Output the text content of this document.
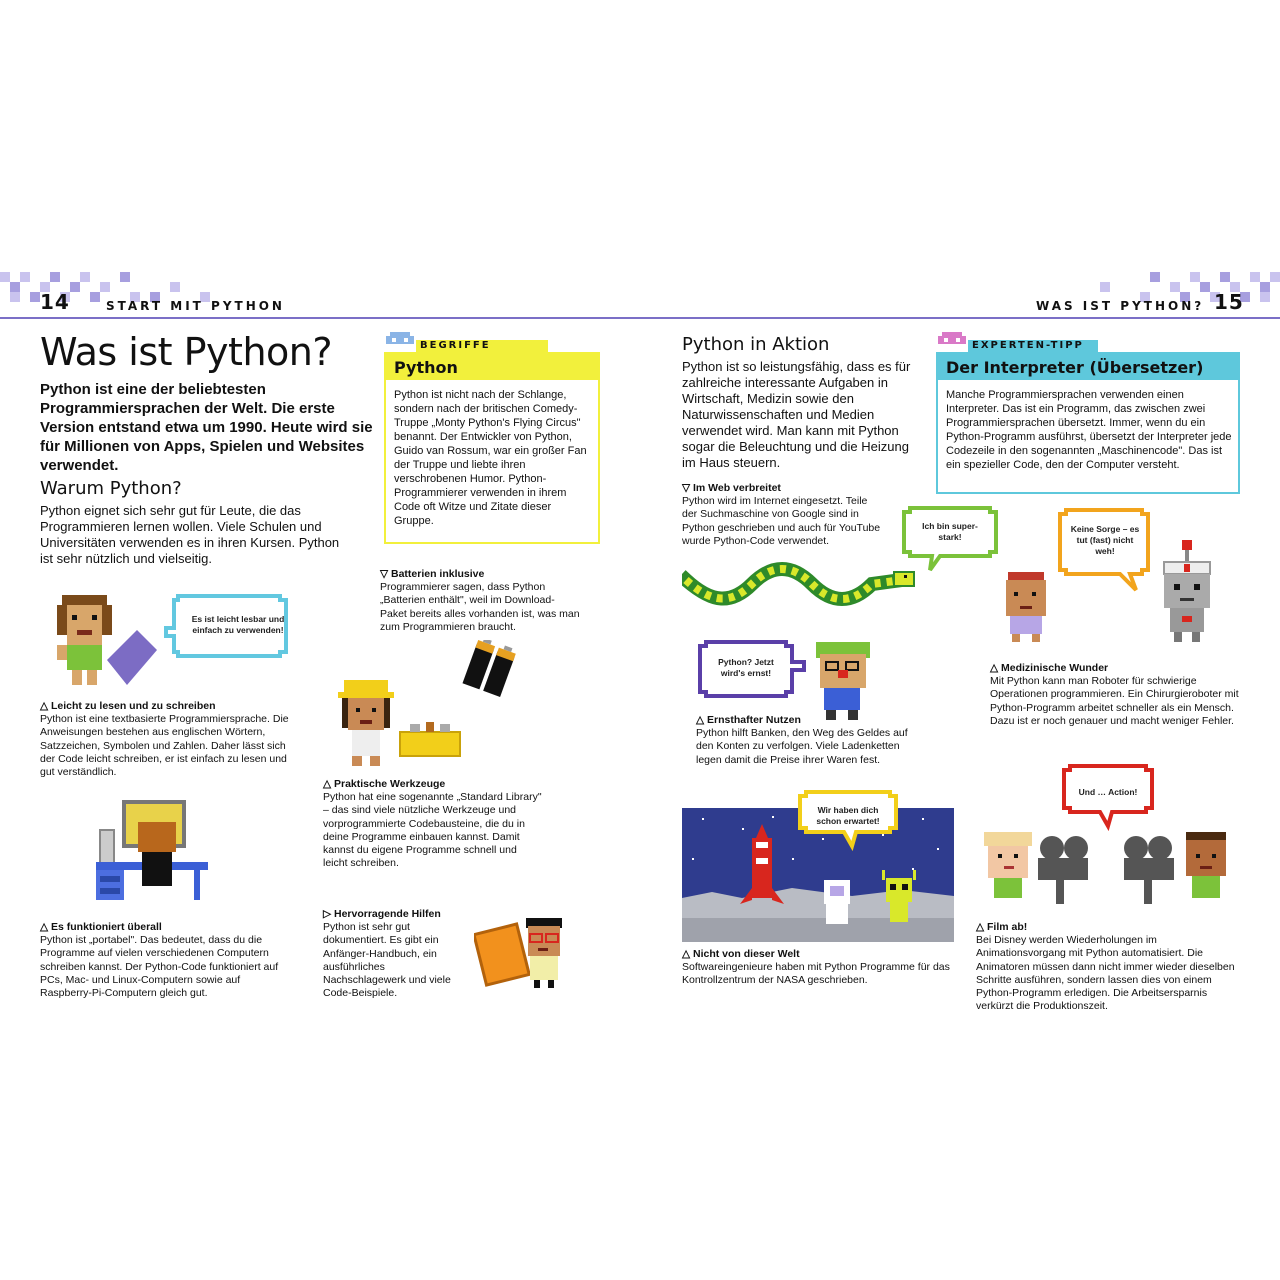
14	START MIT PYTHON	WAS IST PYTHON? 15
Was ist Python?
Python ist eine der beliebtesten Programmiersprachen der Welt. Die erste Version entstand etwa um 1990. Heute wird sie für Millionen von Apps, Spielen und Websites verwendet.
Warum Python?
Python eignet sich sehr gut für Leute, die das Programmieren lernen wollen. Viele Schulen und Universitäten verwenden es in ihren Kursen. Python ist sehr nützlich und vielseitig.
BEGRIFFE
Python
Python ist nicht nach der Schlange, sondern nach der britischen Comedy-Truppe „Monty Python's Flying Circus" benannt. Der Entwickler von Python, Guido van Rossum, war ein großer Fan der Truppe und liebte ihren verschrobenen Humor. Python-Programmierer verwenden in ihrem Code oft Witze und Zitate dieser Gruppe.
Es ist leicht lesbar und einfach zu verwenden!
△ Leicht zu lesen und zu schreiben
Python ist eine textbasierte Programmiersprache. Die Anweisungen bestehen aus englischen Wörtern, Satzzeichen, Symbolen und Zahlen. Daher lässt sich der Code leicht schreiben, er ist einfach zu lesen und gut verständlich.
△ Es funktioniert überall
Python ist „portabel". Das bedeutet, dass du die Programme auf vielen verschiedenen Computern schreiben kannst. Der Python-Code funktioniert auf PCs, Mac- und Linux-Computern sowie auf Raspberry-Pi-Computern gleich gut.
▽ Batterien inklusive
Programmierer sagen, dass Python „Batterien enthält", weil im Download-Paket bereits alles vorhanden ist, was man zum Programmieren braucht.
△ Praktische Werkzeuge
Python hat eine sogenannte „Standard Library" – das sind viele nützliche Werkzeuge und vorprogrammierte Codebausteine, die du in deine Programme einbauen kannst. Damit kannst du eigene Programme schnell und leicht schreiben.
▷ Hervorragende Hilfen
Python ist sehr gut dokumentiert. Es gibt ein Anfänger-Handbuch, ein ausführliches Nachschlagewerk und viele Code-Beispiele.
Python in Aktion
Python ist so leistungsfähig, dass es für zahlreiche interessante Aufgaben in Wirtschaft, Medizin sowie den Naturwissenschaften und Medien verwendet wird. Man kann mit Python sogar die Beleuchtung und die Heizung im Haus steuern.
EXPERTEN-TIPP
Der Interpreter (Übersetzer)
Manche Programmiersprachen verwenden einen Interpreter. Das ist ein Programm, das zwischen zwei Programmiersprachen übersetzt. Immer, wenn du ein Python-Programm ausführst, übersetzt der Interpreter jede Codezeile in den sogenannten „Maschinencode". Das ist ein spezieller Code, den der Computer versteht.
▽ Im Web verbreitet
Python wird im Internet eingesetzt. Teile der Suchmaschine von Google sind in Python geschrieben und auch für YouTube wurde Python-Code verwendet.
Ich bin super-stark!
Keine Sorge – es tut (fast) nicht weh!
△ Medizinische Wunder
Mit Python kann man Roboter für schwierige Operationen programmieren. Ein Chirurgieroboter mit Python-Programm arbeitet schneller als ein Mensch. Dazu ist er noch genauer und macht weniger Fehler.
Python? Jetzt wird's ernst!
△ Ernsthafter Nutzen
Python hilft Banken, den Weg des Geldes auf den Konten zu verfolgen. Viele Ladenketten legen damit die Preise ihrer Waren fest.
Wir haben dich schon erwartet!
△ Nicht von dieser Welt
Softwareingenieure haben mit Python Programme für das Kontrollzentrum der NASA geschrieben.
Und … Action!
△ Film ab!
Bei Disney werden Wiederholungen im Animationsvorgang mit Python automatisiert. Die Animatoren müssen dann nicht immer wieder dieselben Schritte ausführen, sondern lassen dies von einem Python-Programm erledigen. Die Arbeitsersparnis verkürzt die Produktionszeit.
